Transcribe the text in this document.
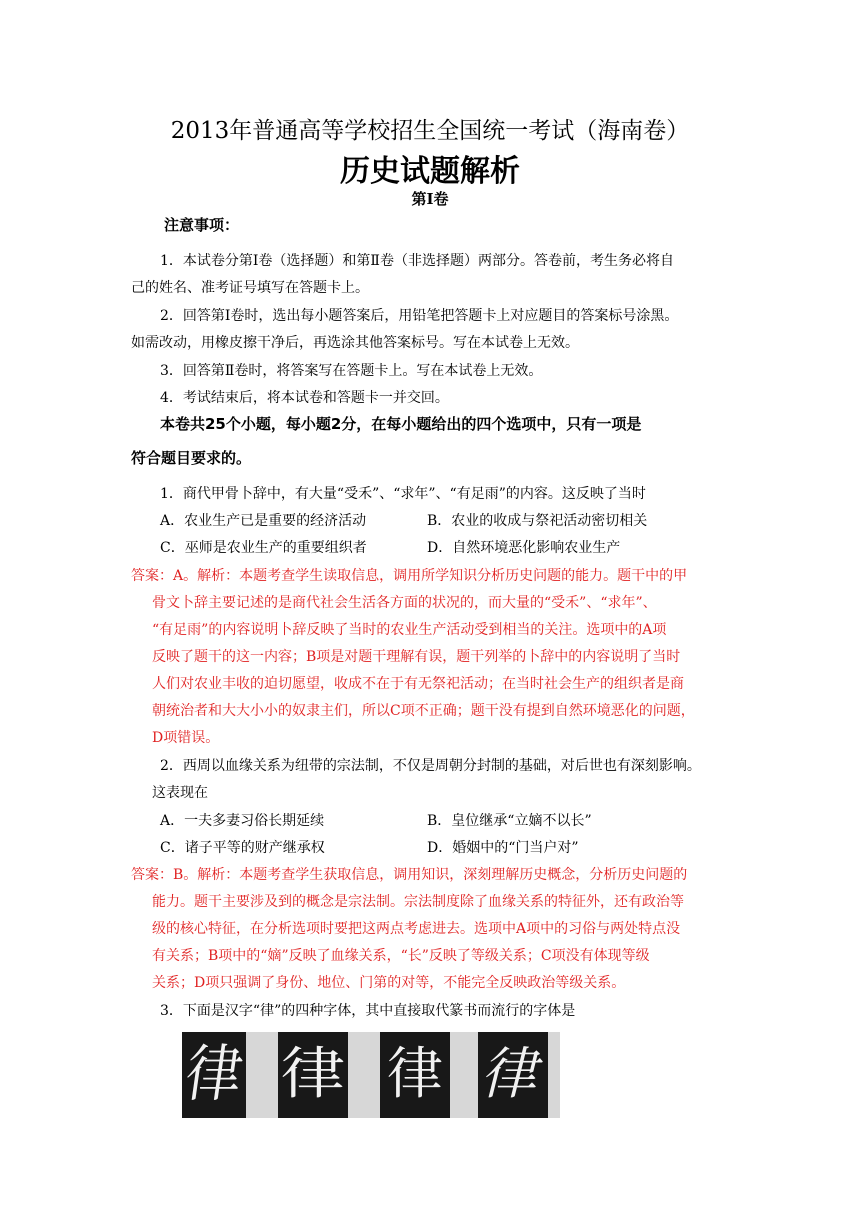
2013年普通高等学校招生全国统一考试（海南卷）
历史试题解析
第Ⅰ卷
注意事项：
1．本试卷分第Ⅰ卷（选择题）和第Ⅱ卷（非选择题）两部分。答卷前，考生务必将自
己的姓名、准考证号填写在答题卡上。
2．回答第Ⅰ卷时，选出每小题答案后，用铅笔把答题卡上对应题目的答案标号涂黑。
如需改动，用橡皮擦干净后，再选涂其他答案标号。写在本试卷上无效。
3．回答第Ⅱ卷时，将答案写在答题卡上。写在本试卷上无效。
4．考试结束后，将本试卷和答题卡一并交回。
本卷共25个小题，每小题2分，在每小题给出的四个选项中，只有一项是
符合题目要求的。
1．商代甲骨卜辞中，有大量“受禾”、“求年”、“有足雨”的内容。这反映了当时
A．农业生产已是重要的经济活动	B．农业的收成与祭祀活动密切相关
C．巫师是农业生产的重要组织者	D．自然环境恶化影响农业生产
答案：A。解析：本题考查学生读取信息，调用所学知识分析历史问题的能力。题干中的甲
骨文卜辞主要记述的是商代社会生活各方面的状况的，而大量的“受禾”、“求年”、
“有足雨”的内容说明卜辞反映了当时的农业生产活动受到相当的关注。选项中的A项
反映了题干的这一内容；B项是对题干理解有误，题干列举的卜辞中的内容说明了当时
人们对农业丰收的迫切愿望，收成不在于有无祭祀活动；在当时社会生产的组织者是商
朝统治者和大大小小的奴隶主们，所以C项不正确；题干没有提到自然环境恶化的问题，
D项错误。
2．西周以血缘关系为纽带的宗法制，不仅是周朝分封制的基础，对后世也有深刻影响。
这表现在
A．一夫多妻习俗长期延续	B．皇位继承“立嫡不以长”
C．诸子平等的财产继承权	D．婚姻中的“门当户对”
答案：B。解析：本题考查学生获取信息，调用知识，深刻理解历史概念，分析历史问题的
能力。题干主要涉及到的概念是宗法制。宗法制度除了血缘关系的特征外，还有政治等
级的核心特征，在分析选项时要把这两点考虑进去。选项中A项中的习俗与两处特点没
有关系；B项中的“嫡”反映了血缘关系，“长”反映了等级关系；C项没有体现等级
关系；D项只强调了身份、地位、门第的对等，不能完全反映政治等级关系。
3．下面是汉字“律”的四种字体，其中直接取代篆书而流行的字体是
律 律 律 律
